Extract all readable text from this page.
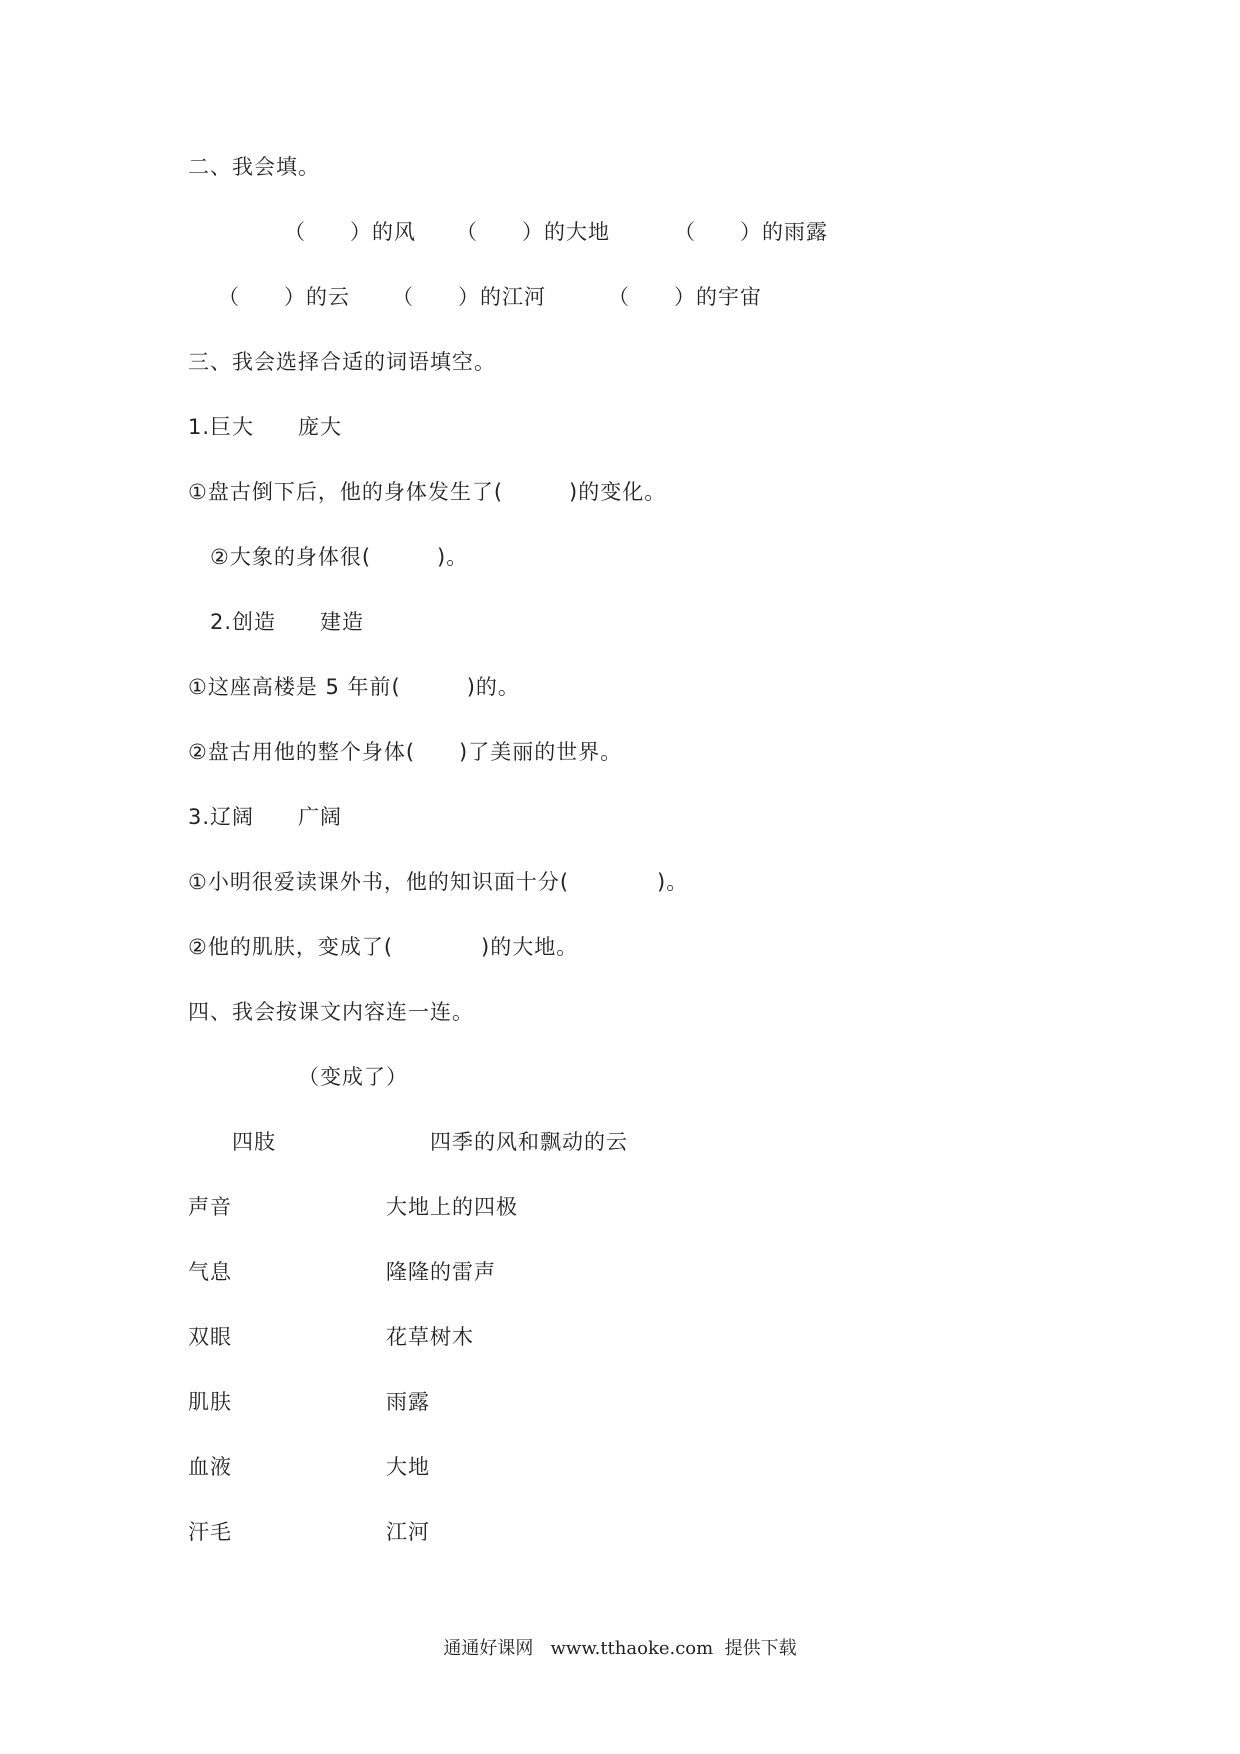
二、我会填。
（　　）的风 （　　）的大地	（　　）的雨露
（　　）的云 （　　）的江河	（　　）的宇宙
三、我会选择合适的词语填空。
1.巨大　　庞大
①盘古倒下后，他的身体发生了(　　　)的变化。
②大象的身体很(　　　)。
2.创造　　建造
①这座高楼是 5 年前(　　　)的。
②盘古用他的整个身体(　　)了美丽的世界。
3.辽阔　　广阔
①小明很爱读课外书，他的知识面十分(　　　　)。
②他的肌肤，变成了(　　　　)的大地。
四、我会按课文内容连一连。
（变成了）
四肢	四季的风和飘动的云
声音	大地上的四极
气息	隆隆的雷声
双眼	花草树木
肌肤	雨露
血液	大地
汗毛	江河
通通好课网   www.tthaoke.com  提供下载
